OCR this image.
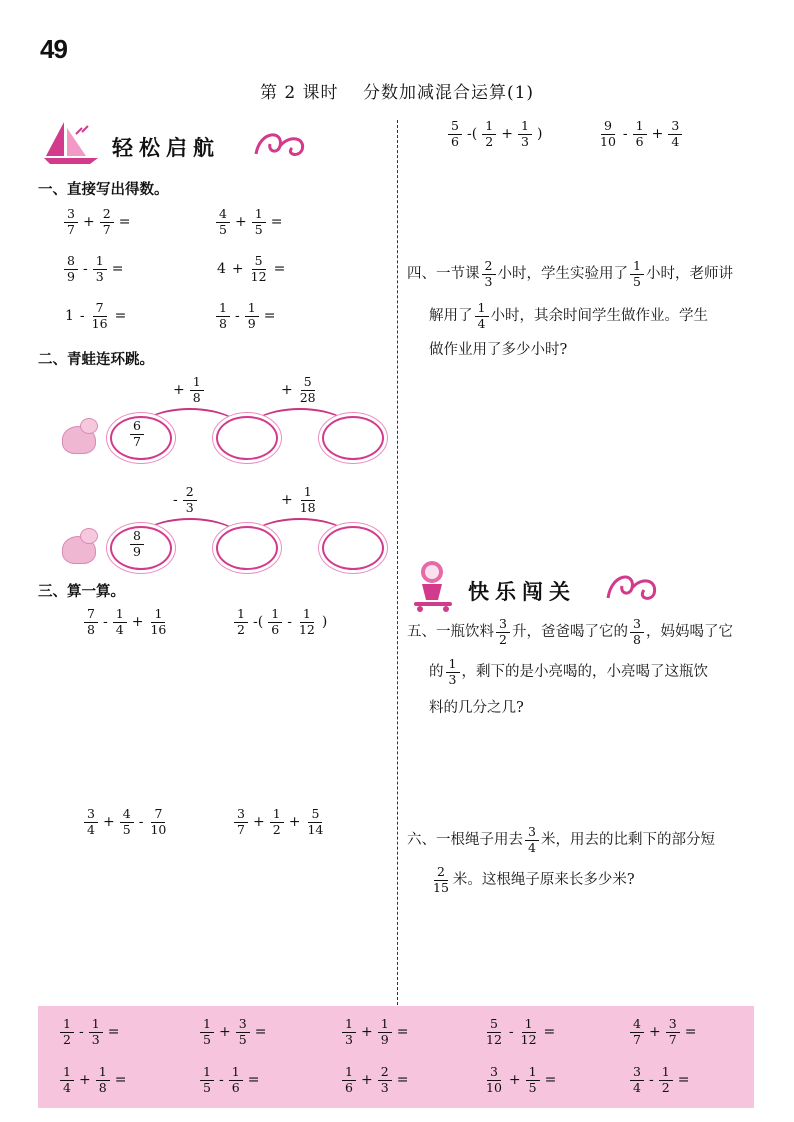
49
第 2 课时　 分数加减混合运算(1)
轻松启航
一、直接写出得数。
$\frac{3}{7} + \frac{2}{7}$ =	$\frac{4}{5} + \frac{1}{5}$ =
$\frac{8}{9} - \frac{1}{3}$ =	$4 + \frac{5}{12}$ =
$1 - \frac{7}{16}$ =	$\frac{1}{8} - \frac{1}{9}$ =
二、青蛙连环跳。
+ $\frac{1}{8}$	+ $\frac{5}{28}$
$\frac{6}{7}$
- $\frac{2}{3}$	+ $\frac{1}{18}$
$\frac{8}{9}$
三、算一算。
$\frac{7}{8} - \frac{1}{4} + \frac{1}{16}$	$\frac{1}{2}$ -( $\frac{1}{6} - \frac{1}{12}$ )
$\frac{3}{4} + \frac{4}{5} - \frac{7}{10}$	$\frac{3}{7} + \frac{1}{2} + \frac{5}{14}$
$\frac{5}{6}$ -( $\frac{1}{2} + \frac{1}{3}$ )	$\frac{9}{10} - \frac{1}{6} + \frac{3}{4}$
四、一节课 $\frac{2}{3}$ 小时，学生实验用了 $\frac{1}{5}$ 小时，老师讲

解用了 $\frac{1}{4}$ 小时，其余时间学生做作业。学生

做作业用了多少小时?
快乐闯关
五、一瓶饮料 $\frac{3}{2}$ 升，爸爸喝了它的 $\frac{3}{8}$ ，妈妈喝了它

的 $\frac{1}{3}$ ，剩下的是小亮喝的，小亮喝了这瓶饮

料的几分之几?
六、一根绳子用去 $\frac{3}{4}$ 米，用去的比剩下的部分短

$\frac{2}{15}$ 米。这根绳子原来长多少米?
$\frac{1}{2} - \frac{1}{3}$ =	$\frac{1}{5} + \frac{3}{5}$ =	$\frac{1}{3} + \frac{1}{9}$ =	$\frac{5}{12} - \frac{1}{12}$ =	$\frac{4}{7} + \frac{3}{7}$ =
$\frac{1}{4} + \frac{1}{8}$ =	$\frac{1}{5} - \frac{1}{6}$ =	$\frac{1}{6} + \frac{2}{3}$ =	$\frac{3}{10} + \frac{1}{5}$ =	$\frac{3}{4} - \frac{1}{2}$ =
